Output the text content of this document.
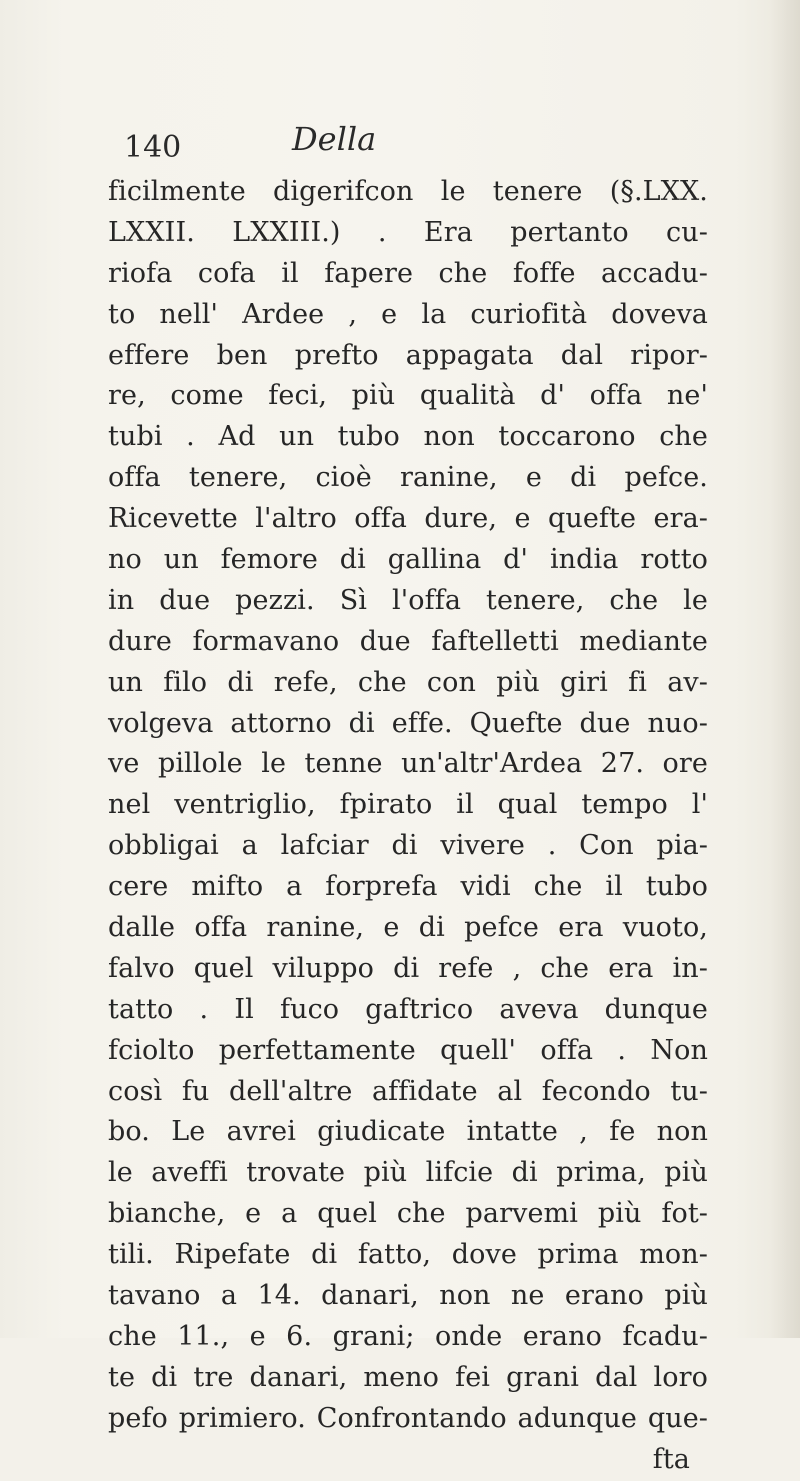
140	Della
ficilmente digerifcon le tenere (§.LXX.
LXXII. LXXIII.) . Era pertanto cu-
riofa cofa il fapere che foffe accadu-
to nell' Ardee , e la curiofità doveva
effere ben prefto appagata dal ripor-
re, come feci, più qualità d' offa ne'
tubi . Ad un tubo non toccarono che
offa tenere, cioè ranine, e di pefce.
Ricevette l'altro offa dure, e quefte era-
no un femore di gallina d' india rotto
in due pezzi. Sì l'offa tenere, che le
dure formavano due faftelletti mediante
un filo di refe, che con più giri fi av-
volgeva attorno di effe. Quefte due nuo-
ve pillole le tenne un'altr'Ardea 27. ore
nel ventriglio, fpirato il qual tempo l'
obbligai a lafciar di vivere . Con pia-
cere mifto a forprefa vidi che il tubo
dalle offa ranine, e di pefce era vuoto,
falvo quel viluppo di refe , che era in-
tatto . Il fuco gaftrico aveva dunque
fciolto perfettamente quell' offa . Non
così fu dell'altre affidate al fecondo tu-
bo. Le avrei giudicate intatte , fe non
le aveffi trovate più lifcie di prima, più
bianche, e a quel che parvemi più fot-
tili. Ripefate di fatto, dove prima mon-
tavano a 14. danari, non ne erano più
che 11., e 6. grani; onde erano fcadu-
te di tre danari, meno fei grani dal loro
pefo primiero. Confrontando adunque que-
fta
